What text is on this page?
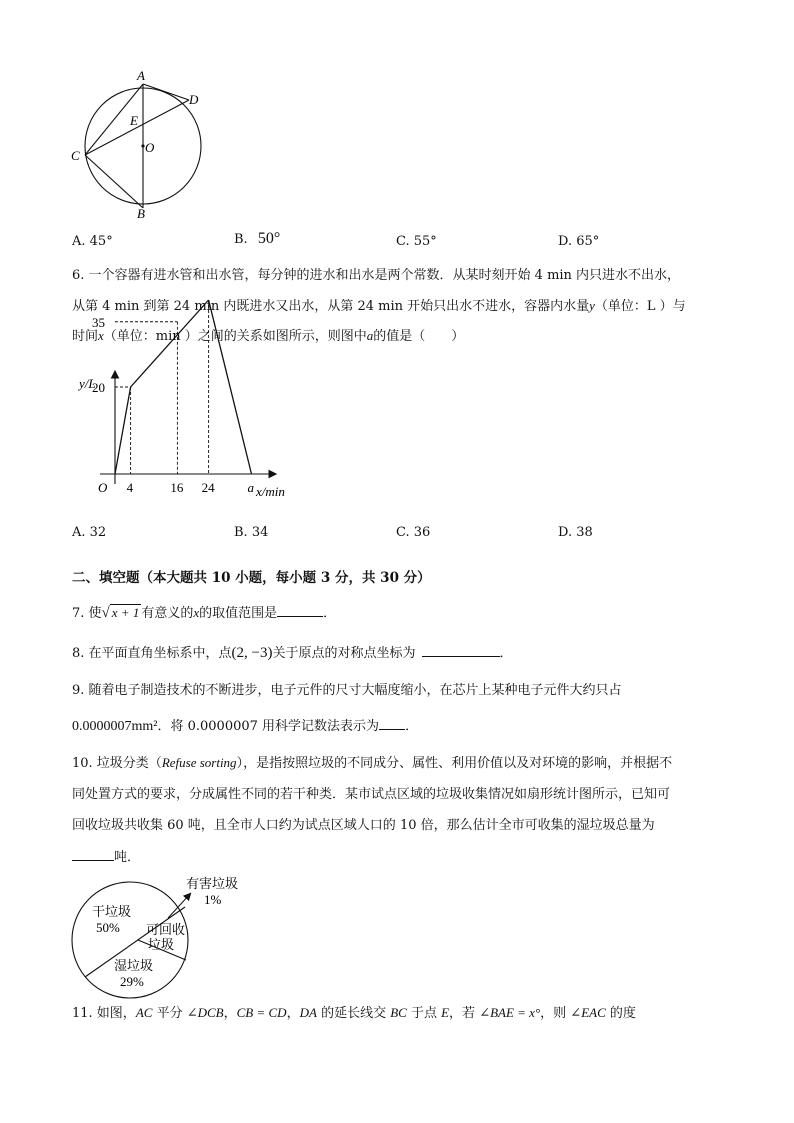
A
D
E
O
C
B
A. 45°	B. 50°	C. 55°	D. 65°
6. 一个容器有进水管和出水管，每分钟的进水和出水是两个常数．从某时刻开始 4 min 内只进水不出水，
从第 4 min 到第 24 min 内既进水又出水，从第 24 min 开始只出水不进水，容器内水量y（单位：L ）与
时间x（单位：min ）之间的关系如图所示，则图中a的值是（　　）
4	16 24	a
20
35
y/L
x/min
O
A. 32	B. 34	C. 36	D. 38
二、填空题（本大题共 10 小题，每小题 3 分，共 30 分）
7. 使√ x + 1 有意义的x的取值范围是	．
8. 在平面直角坐标系中，点(2, −3)关于原点的对称点坐标为	．
9. 随着电子制造技术的不断进步，电子元件的尺寸大幅度缩小，在芯片上某种电子元件大约只占
0.0000007mm²．将 0.0000007 用科学记数法表示为 ．
10. 垃圾分类（Refuse sorting），是指按照垃圾的不同成分、属性、利用价值以及对环境的影响，并根据不
同处置方式的要求，分成属性不同的若干种类．某市试点区域的垃圾收集情况如扇形统计图所示，已知可
回收垃圾共收集 60 吨，且全市人口约为试点区域人口的 10 倍，那么估计全市可收集的湿垃圾总量为
吨．
干垃圾
50% 可回收
垃圾
湿垃圾
29%
有害垃圾
1%
11. 如图，AC 平分 ∠DCB，CB = CD，DA 的延长线交 BC 于点 E，若 ∠BAE = x°，则 ∠EAC 的度
